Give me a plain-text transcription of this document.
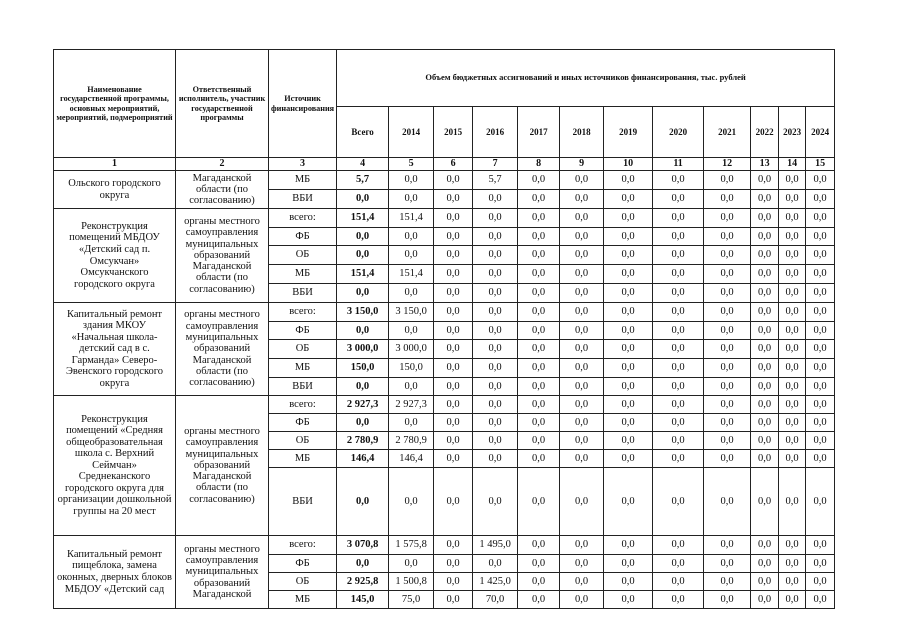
Наименование государственной программы, основных мероприятий, мероприятий, подмероприятий	Ответственный исполнитель, участник государственной программы	Источник финансирования	Объем бюджетных ассигнований и иных источников финансирования, тыс. рублей											
			Всего	2014	2015	2016	2017	2018	2019	2020	2021	2022	2023	2024
1	2	3	4	5	6	7	8	9	10	11	12	13	14	15
Ольского городского округа	Магаданской области (по согласованию)	МБ	5,7	0,0	0,0	5,7	0,0	0,0	0,0	0,0	0,0	0,0	0,0	0,0
		ВБИ	0,0	0,0	0,0	0,0	0,0	0,0	0,0	0,0	0,0	0,0	0,0	0,0
Реконструкция помещений МБДОУ «Детский сад п. Омсукчан» Омсукчанского городского округа	органы местного самоуправления муниципальных образований Магаданской области (по согласованию)	всего:	151,4	151,4	0,0	0,0	0,0	0,0	0,0	0,0	0,0	0,0	0,0	0,0
		ФБ	0,0	0,0	0,0	0,0	0,0	0,0	0,0	0,0	0,0	0,0	0,0	0,0
		ОБ	0,0	0,0	0,0	0,0	0,0	0,0	0,0	0,0	0,0	0,0	0,0	0,0
		МБ	151,4	151,4	0,0	0,0	0,0	0,0	0,0	0,0	0,0	0,0	0,0	0,0
		ВБИ	0,0	0,0	0,0	0,0	0,0	0,0	0,0	0,0	0,0	0,0	0,0	0,0
Капитальный ремонт здания МКОУ «Начальная школа-детский сад в с. Гарманда» Северо-Эвенского городского округа	органы местного самоуправления муниципальных образований Магаданской области (по согласованию)	всего:	3 150,0	3 150,0	0,0	0,0	0,0	0,0	0,0	0,0	0,0	0,0	0,0	0,0
		ФБ	0,0	0,0	0,0	0,0	0,0	0,0	0,0	0,0	0,0	0,0	0,0	0,0
		ОБ	3 000,0	3 000,0	0,0	0,0	0,0	0,0	0,0	0,0	0,0	0,0	0,0	0,0
		МБ	150,0	150,0	0,0	0,0	0,0	0,0	0,0	0,0	0,0	0,0	0,0	0,0
		ВБИ	0,0	0,0	0,0	0,0	0,0	0,0	0,0	0,0	0,0	0,0	0,0	0,0
Реконструкция помещений «Средняя общеобразовательная школа с. Верхний Сеймчан» Среднеканского городского округа для организации дошкольной группы на 20 мест	органы местного самоуправления муниципальных образований Магаданской области (по согласованию)	всего:	2 927,3	2 927,3	0,0	0,0	0,0	0,0	0,0	0,0	0,0	0,0	0,0	0,0
		ФБ	0,0	0,0	0,0	0,0	0,0	0,0	0,0	0,0	0,0	0,0	0,0	0,0
		ОБ	2 780,9	2 780,9	0,0	0,0	0,0	0,0	0,0	0,0	0,0	0,0	0,0	0,0
		МБ	146,4	146,4	0,0	0,0	0,0	0,0	0,0	0,0	0,0	0,0	0,0	0,0
		ВБИ	0,0	0,0	0,0	0,0	0,0	0,0	0,0	0,0	0,0	0,0	0,0	0,0
Капитальный ремонт пищеблока, замена оконных, дверных блоков МБДОУ «Детский сад	органы местного самоуправления муниципальных образований Магаданской	всего:	3 070,8	1 575,8	0,0	1 495,0	0,0	0,0	0,0	0,0	0,0	0,0	0,0	0,0
		ФБ	0,0	0,0	0,0	0,0	0,0	0,0	0,0	0,0	0,0	0,0	0,0	0,0
		ОБ	2 925,8	1 500,8	0,0	1 425,0	0,0	0,0	0,0	0,0	0,0	0,0	0,0	0,0
		МБ	145,0	75,0	0,0	70,0	0,0	0,0	0,0	0,0	0,0	0,0	0,0	0,0
